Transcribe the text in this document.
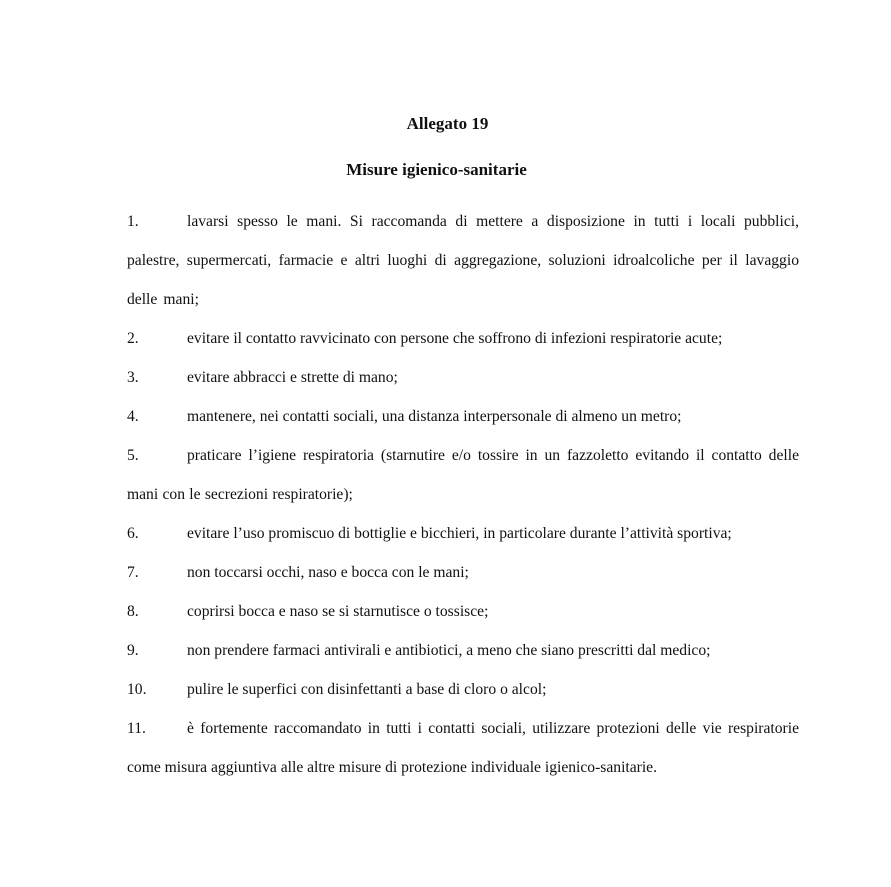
Allegato 19
Misure igienico-sanitarie
1.	lavarsi spesso le mani. Si raccomanda di mettere a disposizione in tutti i locali pubblici, palestre, supermercati, farmacie e altri luoghi di aggregazione, soluzioni idroalcoliche per il lavaggio delle mani;
2.	evitare il contatto ravvicinato con persone che soffrono di infezioni respiratorie acute;
3.	evitare abbracci e strette di mano;
4.	mantenere, nei contatti sociali, una distanza interpersonale di almeno un metro;
5.	praticare l’igiene respiratoria (starnutire e/o tossire in un fazzoletto evitando il contatto delle mani con le secrezioni respiratorie);
6.	evitare l’uso promiscuo di bottiglie e bicchieri, in particolare durante l’attività sportiva;
7.	non toccarsi occhi, naso e bocca con le mani;
8.	coprirsi bocca e naso se si starnutisce o tossisce;
9.	non prendere farmaci antivirali e antibiotici, a meno che siano prescritti dal medico;
10.	pulire le superfici con disinfettanti a base di cloro o alcol;
11.	è fortemente raccomandato in tutti i contatti sociali, utilizzare protezioni delle vie respiratorie come misura aggiuntiva alle altre misure di protezione individuale igienico-sanitarie.
